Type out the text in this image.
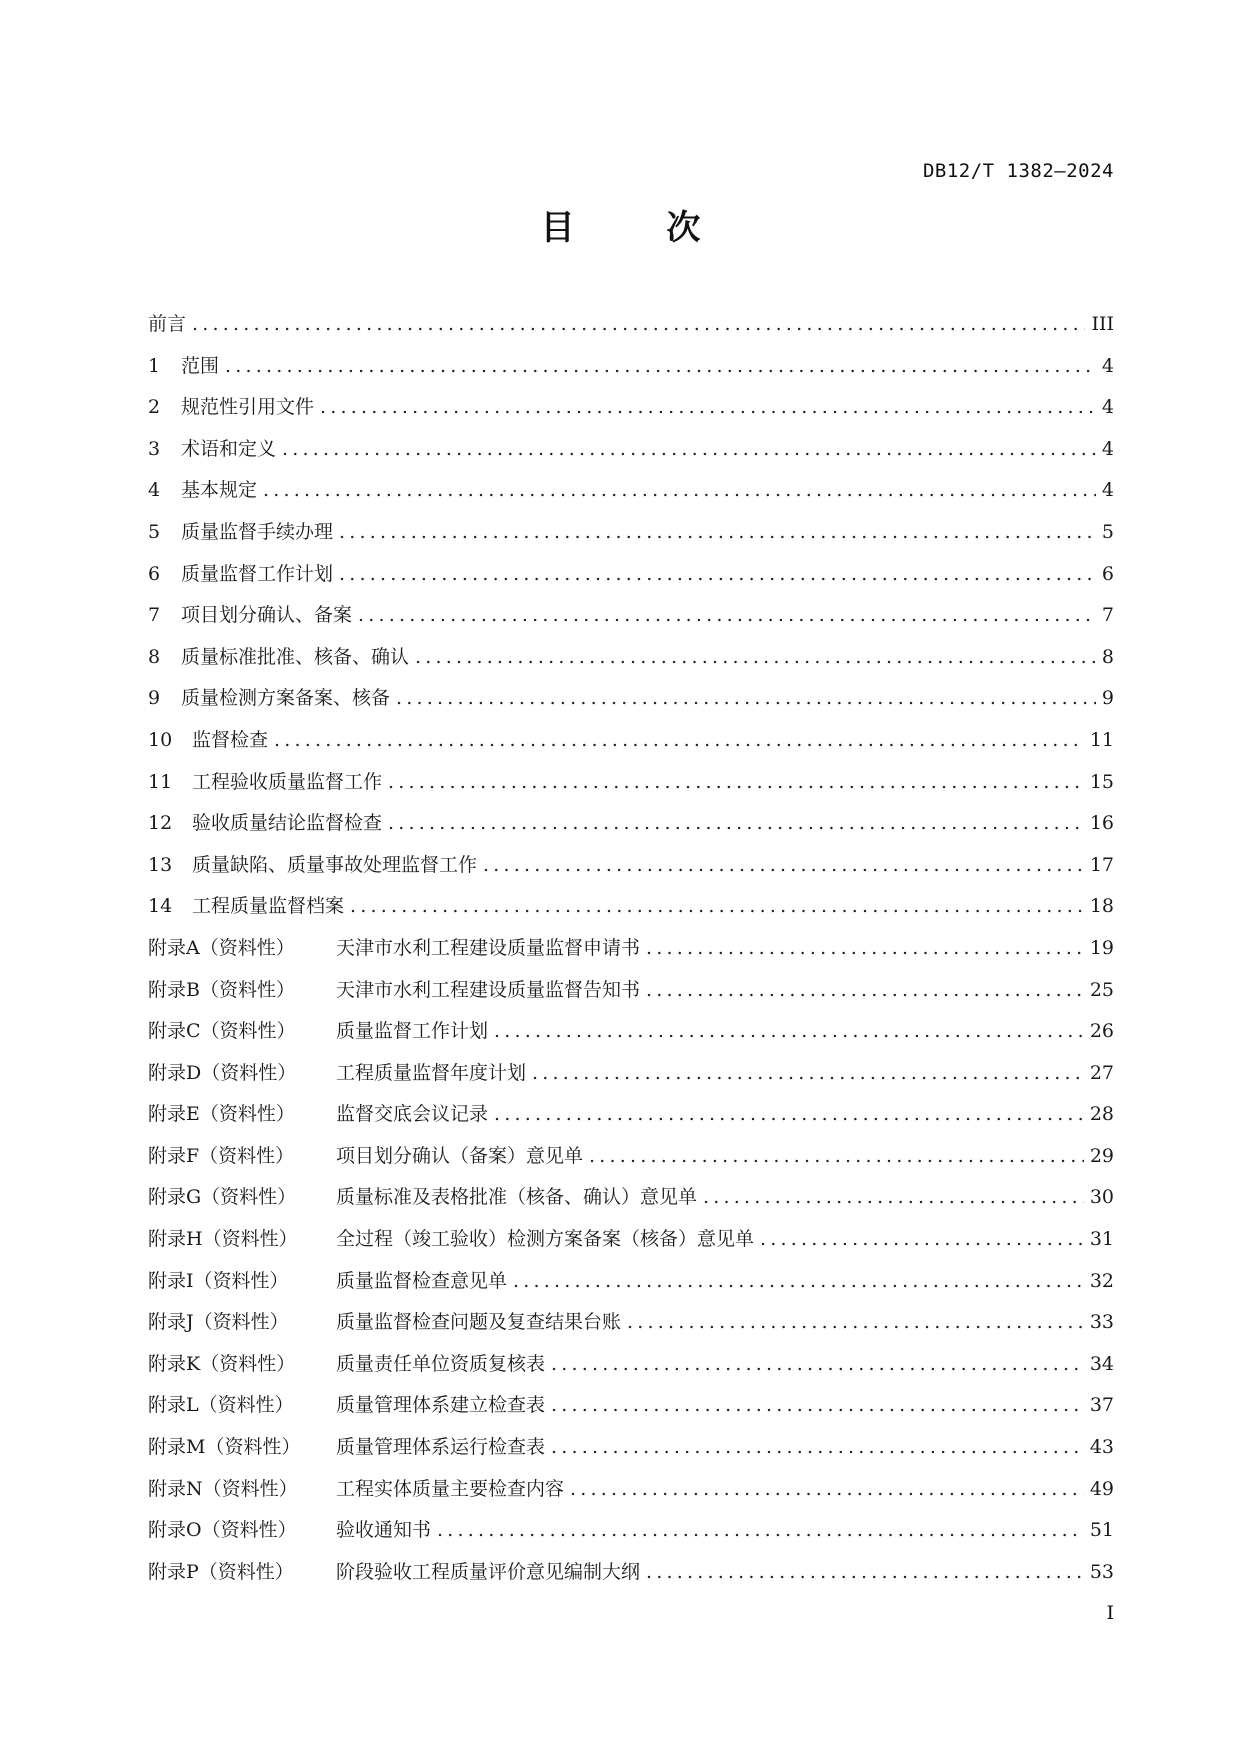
DB12/T 1382—2024
目 次
前言 .....	III
1	范围 .....	4
2	规范性引用文件 .....	4
3	术语和定义 .....	4
4	基本规定 .....	4
5	质量监督手续办理 .....	5
6	质量监督工作计划 .....	6
7	项目划分确认、备案 .....	7
8	质量标准批准、核备、确认 .....	8
9	质量检测方案备案、核备 .....	9
10	监督检查 .....	11
11	工程验收质量监督工作 .....	15
12	验收质量结论监督检查 .....	16
13	质量缺陷、质量事故处理监督工作 .....	17
14	工程质量监督档案 .....	18
附录A（资料性）	天津市水利工程建设质量监督申请书 .....	19
附录B（资料性）	天津市水利工程建设质量监督告知书 .....	25
附录C（资料性）	质量监督工作计划 .....	26
附录D（资料性）	工程质量监督年度计划 .....	27
附录E（资料性）	监督交底会议记录 .....	28
附录F（资料性）	项目划分确认（备案）意见单 .....	29
附录G（资料性）	质量标准及表格批准（核备、确认）意见单 .....	30
附录H（资料性）	全过程（竣工验收）检测方案备案（核备）意见单 .....	31
附录I（资料性）	质量监督检查意见单 .....	32
附录J（资料性）	质量监督检查问题及复查结果台账 .....	33
附录K（资料性）	质量责任单位资质复核表 .....	34
附录L（资料性）	质量管理体系建立检查表 .....	37
附录M（资料性）	质量管理体系运行检查表 .....	43
附录N（资料性）	工程实体质量主要检查内容 .....	49
附录O（资料性）	验收通知书 .....	51
附录P（资料性）	阶段验收工程质量评价意见编制大纲 .....	53
I
